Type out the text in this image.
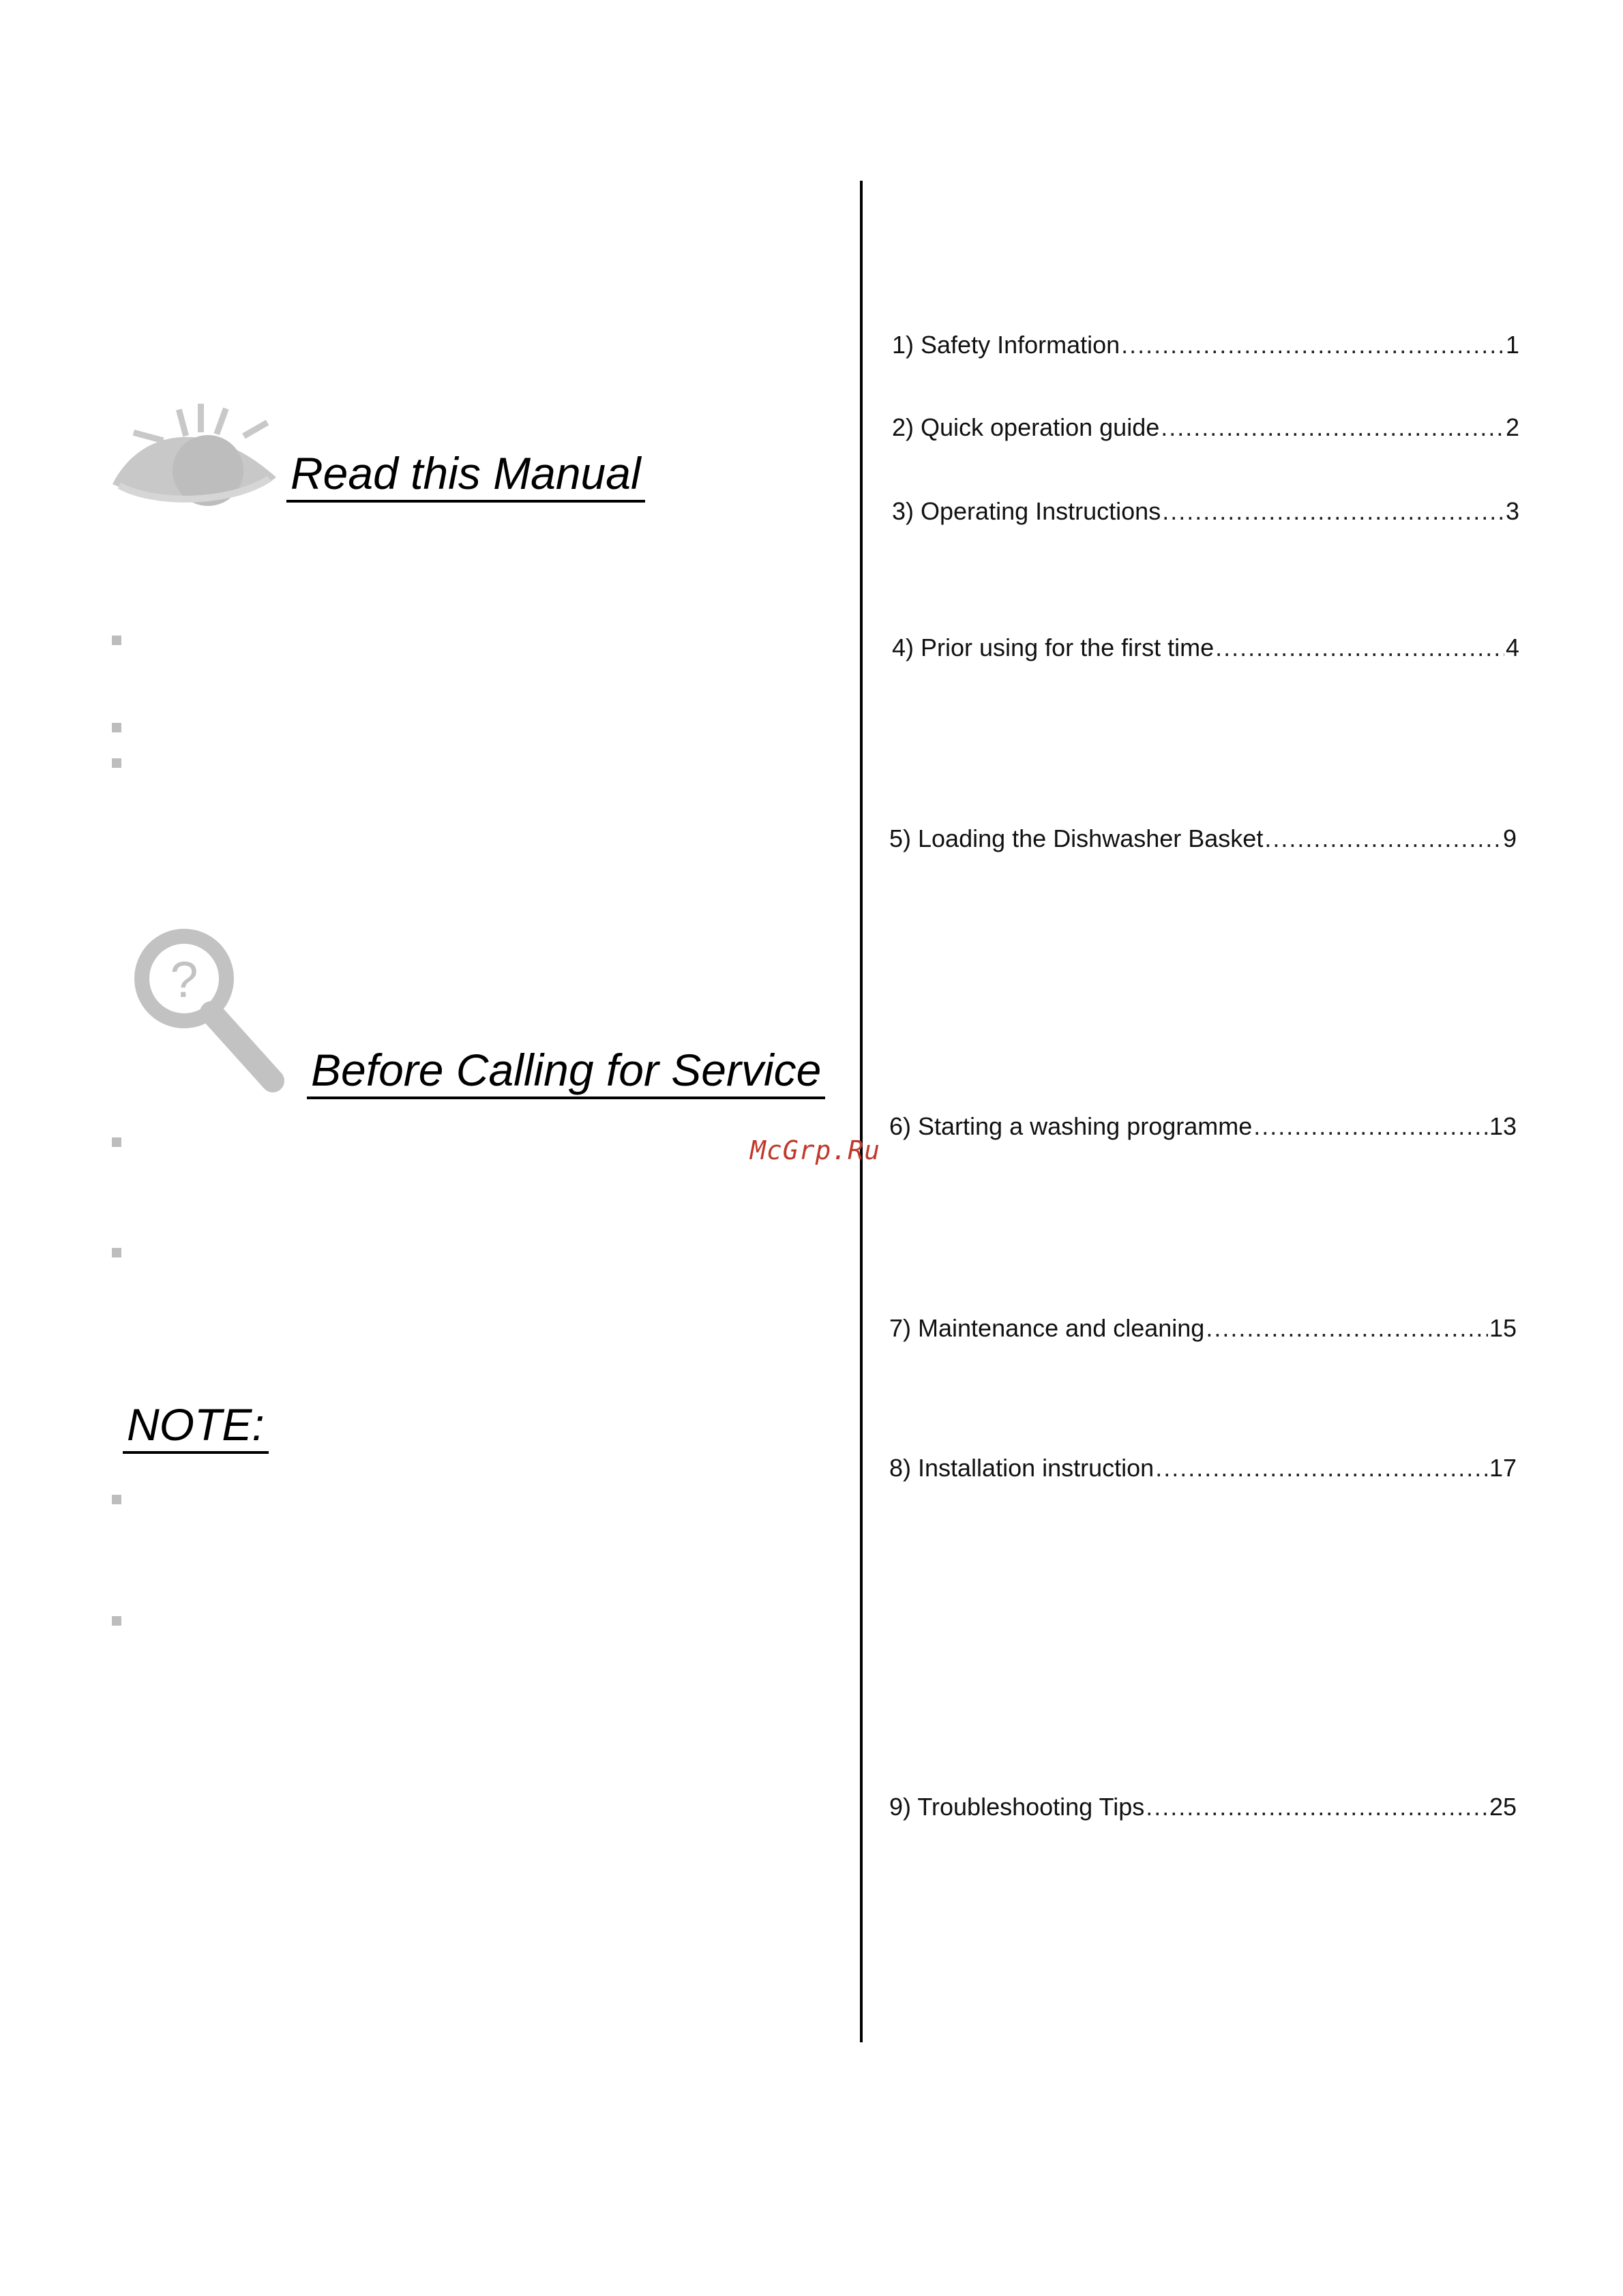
Read this Manual
?
Before Calling for Service
NOTE:
1) Safety Information .....	1
2) Quick operation guide .....	2
3) Operating Instructions .....	3
4) Prior using for the first time .....	4
5) Loading the Dishwasher Basket .....	9
6) Starting a washing programme .....	13
7) Maintenance and cleaning .....	15
8) Installation instruction .....	17
9) Troubleshooting Tips .....	25
McGrp.Ru
